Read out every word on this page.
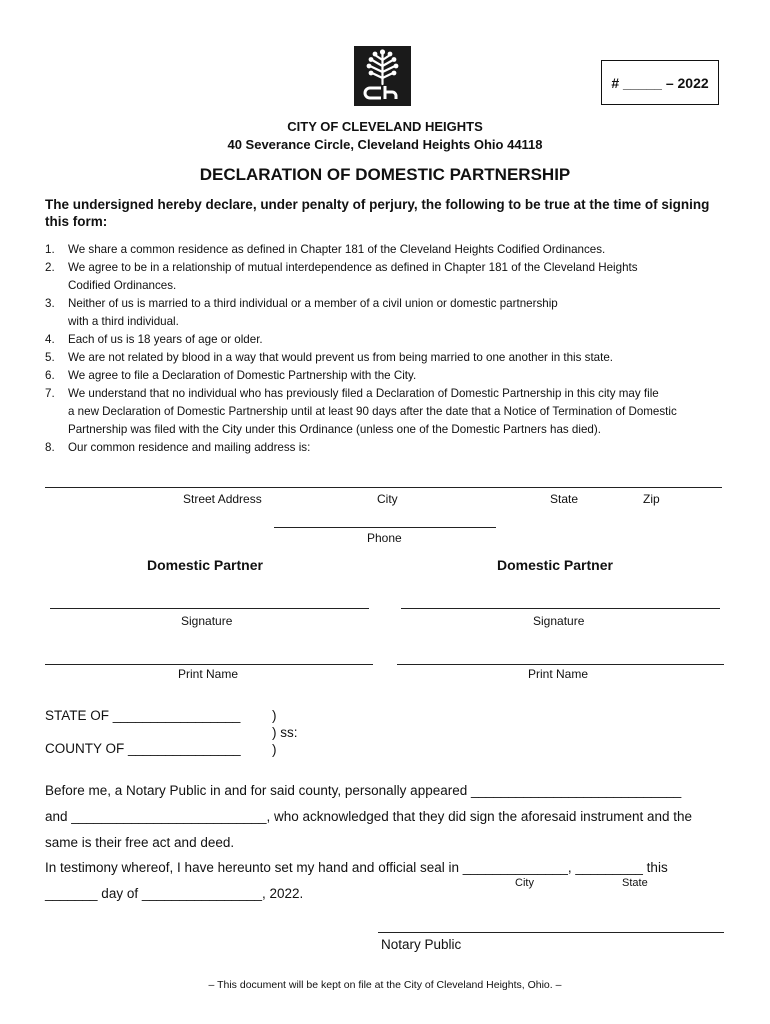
# _____ – 2022
CITY OF CLEVELAND HEIGHTS
40 Severance Circle, Cleveland Heights Ohio 44118
DECLARATION OF DOMESTIC PARTNERSHIP
The undersigned hereby declare, under penalty of perjury, the following to be true at the time of signing this form:
1. We share a common residence as defined in Chapter 181 of the Cleveland Heights Codified Ordinances.
2. We agree to be in a relationship of mutual interdependence as defined in Chapter 181 of the Cleveland Heights
Codified Ordinances.
3. Neither of us is married to a third individual or a member of a civil union or domestic partnership
with a third individual.
4. Each of us is 18 years of age or older.
5. We are not related by blood in a way that would prevent us from being married to one another in this state.
6. We agree to file a Declaration of Domestic Partnership with the City.
7. We understand that no individual who has previously filed a Declaration of Domestic Partnership in this city may file
a new Declaration of Domestic Partnership until at least 90 days after the date that a Notice of Termination of Domestic
Partnership was filed with the City under this Ordinance (unless one of the Domestic Partners has died).
8. Our common residence and mailing address is:
Street Address	City	State	Zip
Phone
Domestic Partner	Domestic Partner
Signature	Signature
Print Name	Print Name
STATE OF _________________
COUNTY OF _______________
)
) ss:
)
Before me, a Notary Public in and for said county, personally appeared ____________________________
and __________________________, who acknowledged that they did sign the aforesaid instrument and the
same is their free act and deed.
In testimony whereof, I have hereunto set my hand and official seal in ______________, _________ this
City	State
_______ day of ________________, 2022.
Notary Public
– This document will be kept on file at the City of Cleveland Heights, Ohio. –
